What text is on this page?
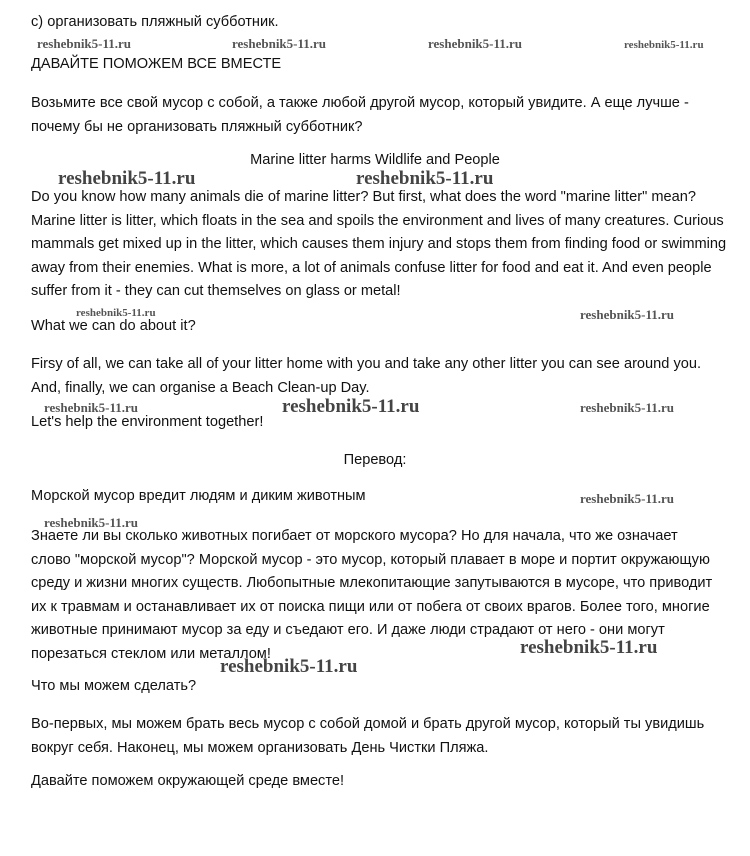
с) организовать пляжный субботник.
reshebnik5-11.ru	reshebnik5-11.ru	reshebnik5-11.ru	reshebnik5-11.ru
ДАВАЙТЕ ПОМОЖЕМ ВСЕ ВМЕСТЕ
Возьмите все свой мусор с собой, а также любой другой мусор, который увидите. А еще лучше - почему бы не организовать пляжный субботник?
Marine litter harms Wildlife and People
reshebnik5-11.ru	reshebnik5-11.ru
Do you know how many animals die of marine litter? But first, what does the word "marine litter" mean? Marine litter is litter, which floats in the sea and spoils the environment and lives of many creatures. Curious mammals get mixed up in the litter, which causes them injury and stops them from finding food or swimming away from their enemies. What is more, a lot of animals confuse litter for food and eat it. And even people suffer from it - they can cut themselves on glass or metal!
reshebnik5-11.ru	reshebnik5-11.ru
What we can do about it?
Firsy of all, we can take all of your litter home with you and take any other litter you can see around you. And, finally, we can organise a Beach Clean-up Day.
reshebnik5-11.ru	reshebnik5-11.ru	reshebnik5-11.ru
Let's help the environment together!
Перевод:
Морской мусор вредит людям и диким животным	reshebnik5-11.ru
reshebnik5-11.ru
Знаете ли вы сколько животных погибает от морского мусора? Но для начала, что же означает слово "морской мусор"? Морской мусор - это мусор, который плавает в море и портит окружающую среду и жизни многих существ. Любопытные млекопитающие запутываются в мусоре, что приводит их к травмам и останавливает их от поиска пищи или от побега от своих врагов. Более того, многие животные принимают мусор за еду и съедают его. И даже люди страдают от него - они могут порезаться стеклом или металлом!	reshebnik5-11.ru
reshebnik5-11.ru
Что мы можем сделать?
Во-первых, мы можем брать весь мусор с собой домой и брать другой мусор, который ты увидишь вокруг себя. Наконец, мы можем организовать День Чистки Пляжа.
Давайте поможем окружающей среде вместе!
